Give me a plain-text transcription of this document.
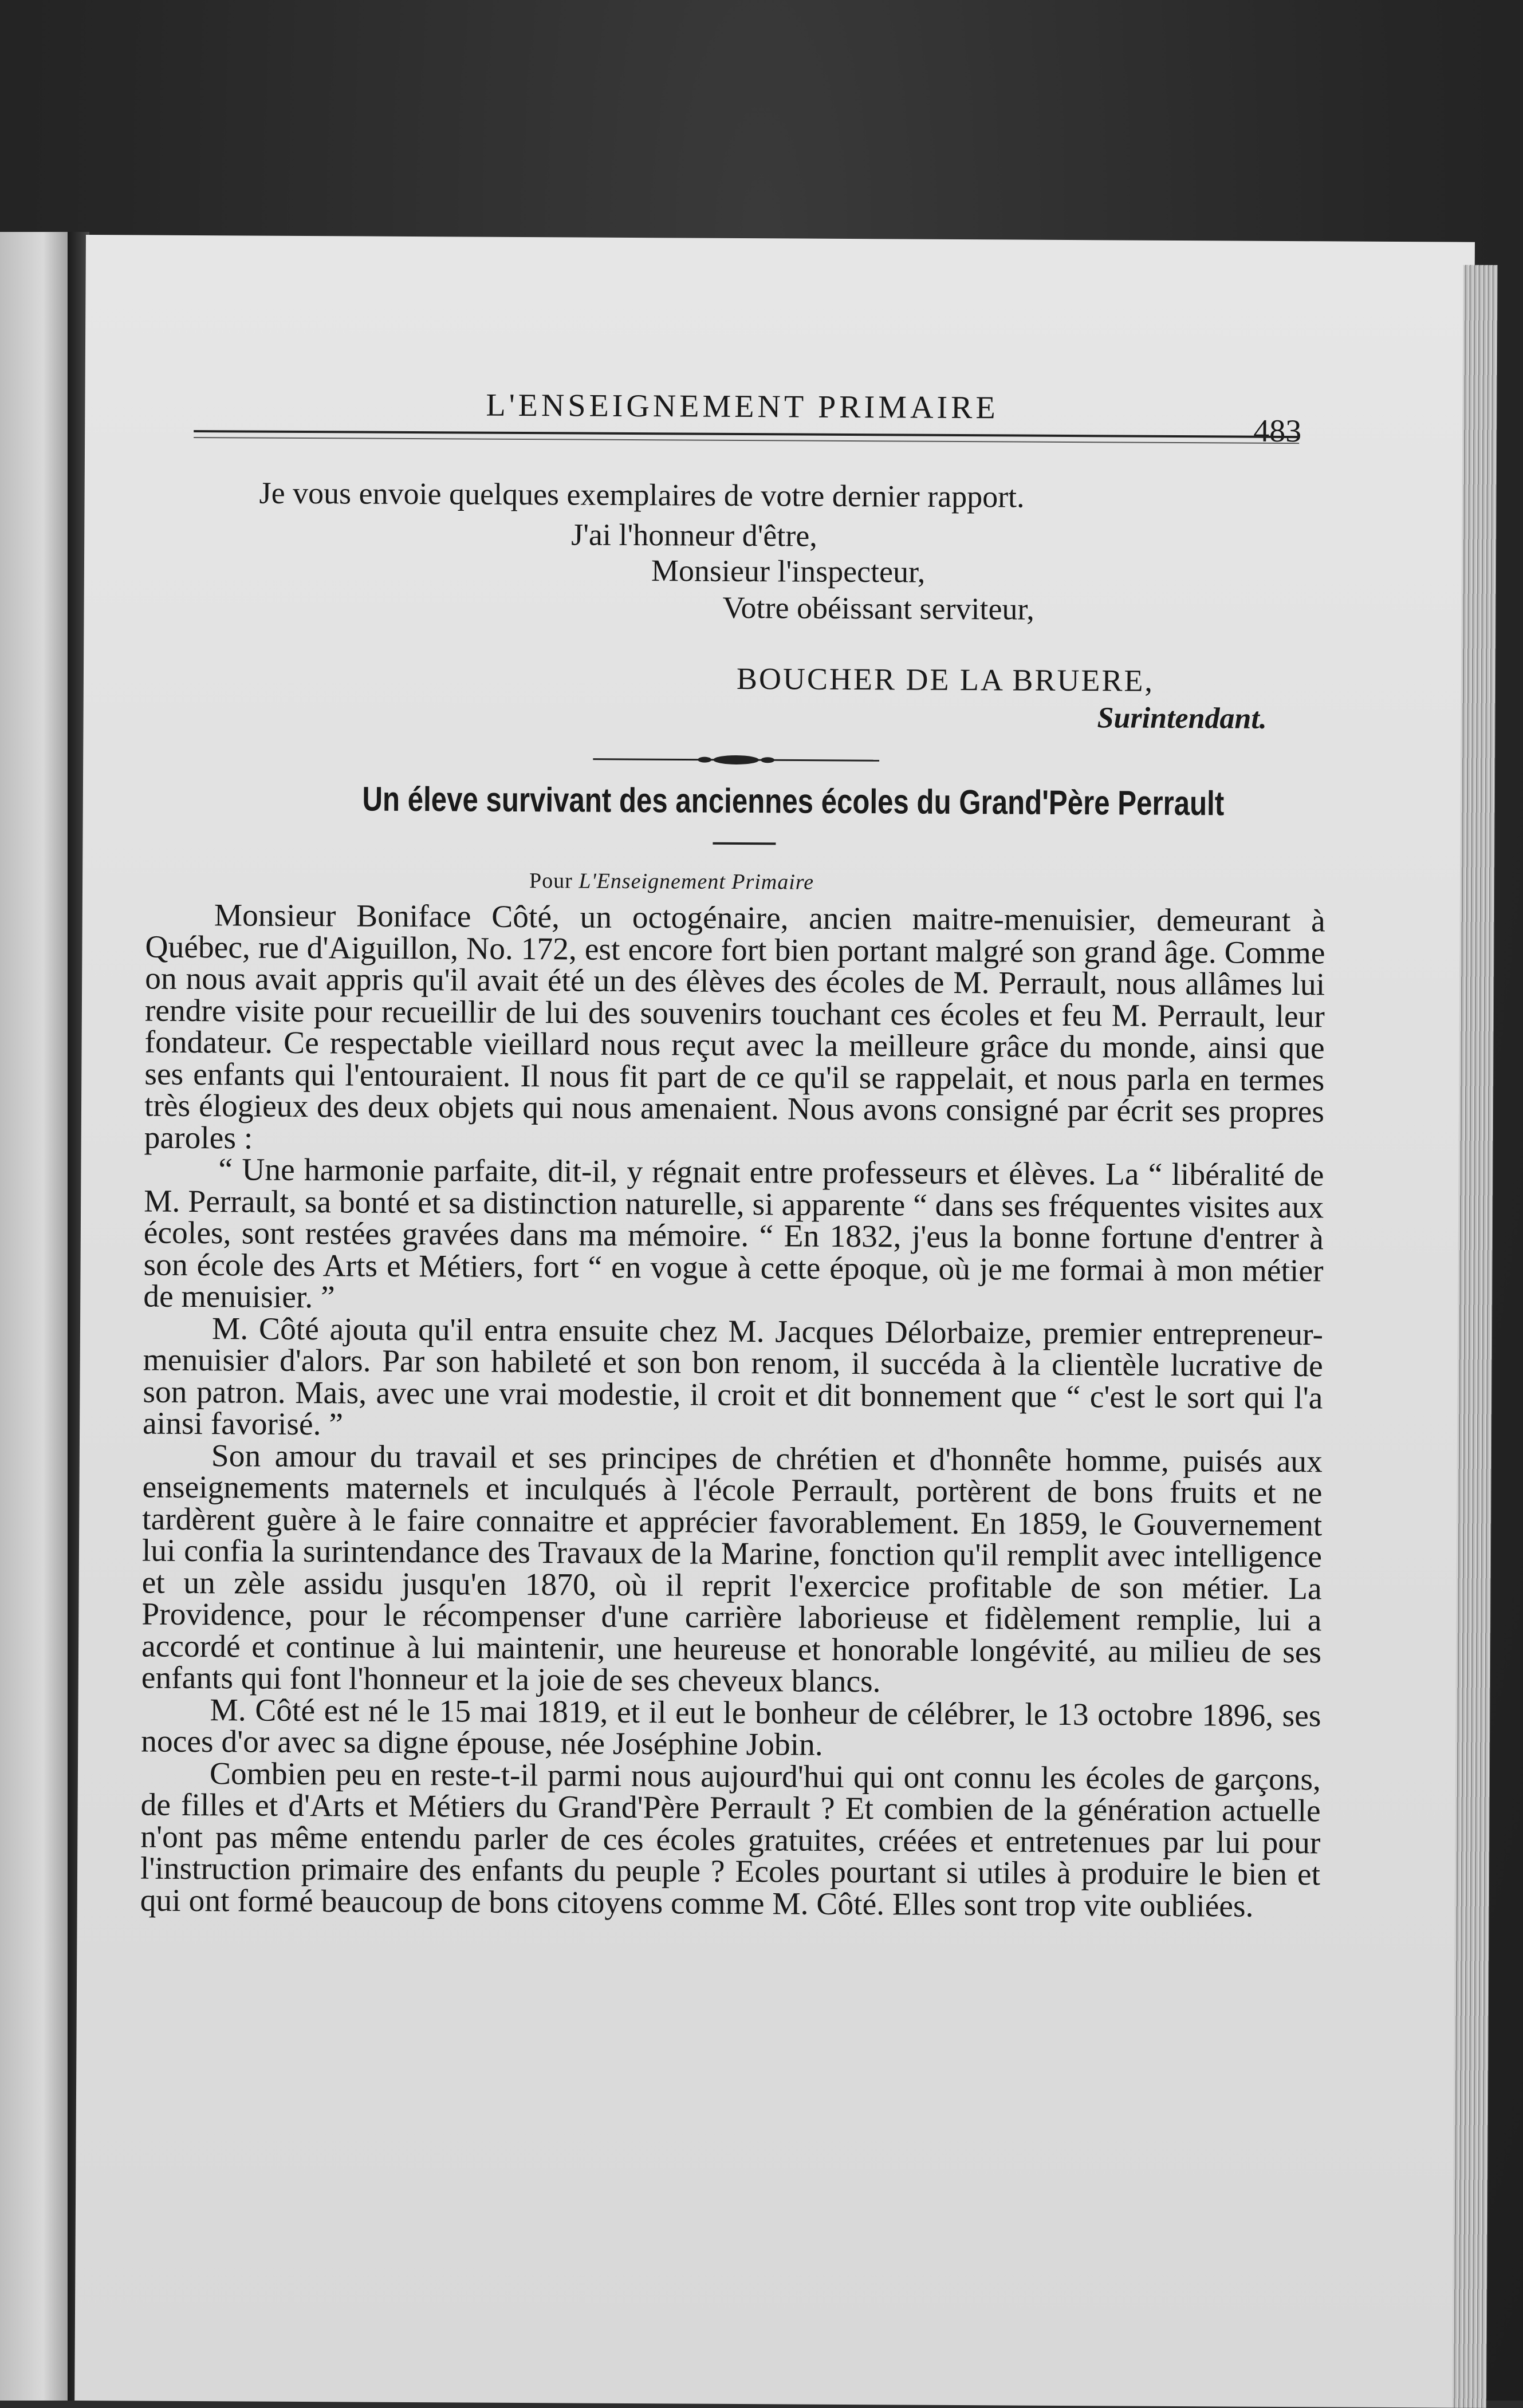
L'ENSEIGNEMENT PRIMAIRE
483
Je vous envoie quelques exemplaires de votre dernier rapport.
J'ai l'honneur d'être,
Monsieur l'inspecteur,
Votre obéissant serviteur,
BOUCHER DE LA BRUERE,
Surintendant.
Un éleve survivant des anciennes écoles du Grand'Père Perrault
Pour L'Enseignement Primaire

Monsieur Boniface Côté, un octogénaire, ancien maitre-menuisier, demeurant à Québec, rue d'Aiguillon, No. 172, est encore fort bien portant malgré son grand âge. Comme on nous avait appris qu'il avait été un des élèves des écoles de M. Perrault, nous allâmes lui rendre visite pour recueillir de lui des souvenirs touchant ces écoles et feu M. Perrault, leur fondateur. Ce respectable vieillard nous reçut avec la meilleure grâce du monde, ainsi que ses enfants qui l'entouraient. Il nous fit part de ce qu'il se rappelait, et nous parla en termes très élogieux des deux objets qui nous amenaient. Nous avons consigné par écrit ses propres paroles :

“ Une harmonie parfaite, dit-il, y régnait entre professeurs et élèves. La “ libéralité de M. Perrault, sa bonté et sa distinction naturelle, si apparente “ dans ses fréquentes visites aux écoles, sont restées gravées dans ma mémoire. “ En 1832, j'eus la bonne fortune d'entrer à son école des Arts et Métiers, fort “ en vogue à cette époque, où je me formai à mon métier de menuisier. ”

M. Côté ajouta qu'il entra ensuite chez M. Jacques Délorbaize, premier entrepreneur-menuisier d'alors. Par son habileté et son bon renom, il succéda à la clientèle lucrative de son patron. Mais, avec une vrai modestie, il croit et dit bonnement que “ c'est le sort qui l'a ainsi favorisé. ”

Son amour du travail et ses principes de chrétien et d'honnête homme, puisés aux enseignements maternels et inculqués à l'école Perrault, portèrent de bons fruits et ne tardèrent guère à le faire connaitre et apprécier favorablement. En 1859, le Gouvernement lui confia la surintendance des Travaux de la Marine, fonction qu'il remplit avec intelligence et un zèle assidu jusqu'en 1870, où il reprit l'exercice profitable de son métier. La Providence, pour le récompenser d'une carrière laborieuse et fidèlement remplie, lui a accordé et continue à lui maintenir, une heureuse et honorable longévité, au milieu de ses enfants qui font l'honneur et la joie de ses cheveux blancs.

M. Côté est né le 15 mai 1819, et il eut le bonheur de célébrer, le 13 octobre 1896, ses noces d'or avec sa digne épouse, née Joséphine Jobin.

Combien peu en reste-t-il parmi nous aujourd'hui qui ont connu les écoles de garçons, de filles et d'Arts et Métiers du Grand'Père Perrault ? Et combien de la génération actuelle n'ont pas même entendu parler de ces écoles gratuites, créées et entretenues par lui pour l'instruction primaire des enfants du peuple ? Ecoles pourtant si utiles à produire le bien et qui ont formé beaucoup de bons citoyens comme M. Côté. Elles sont trop vite oubliées.
